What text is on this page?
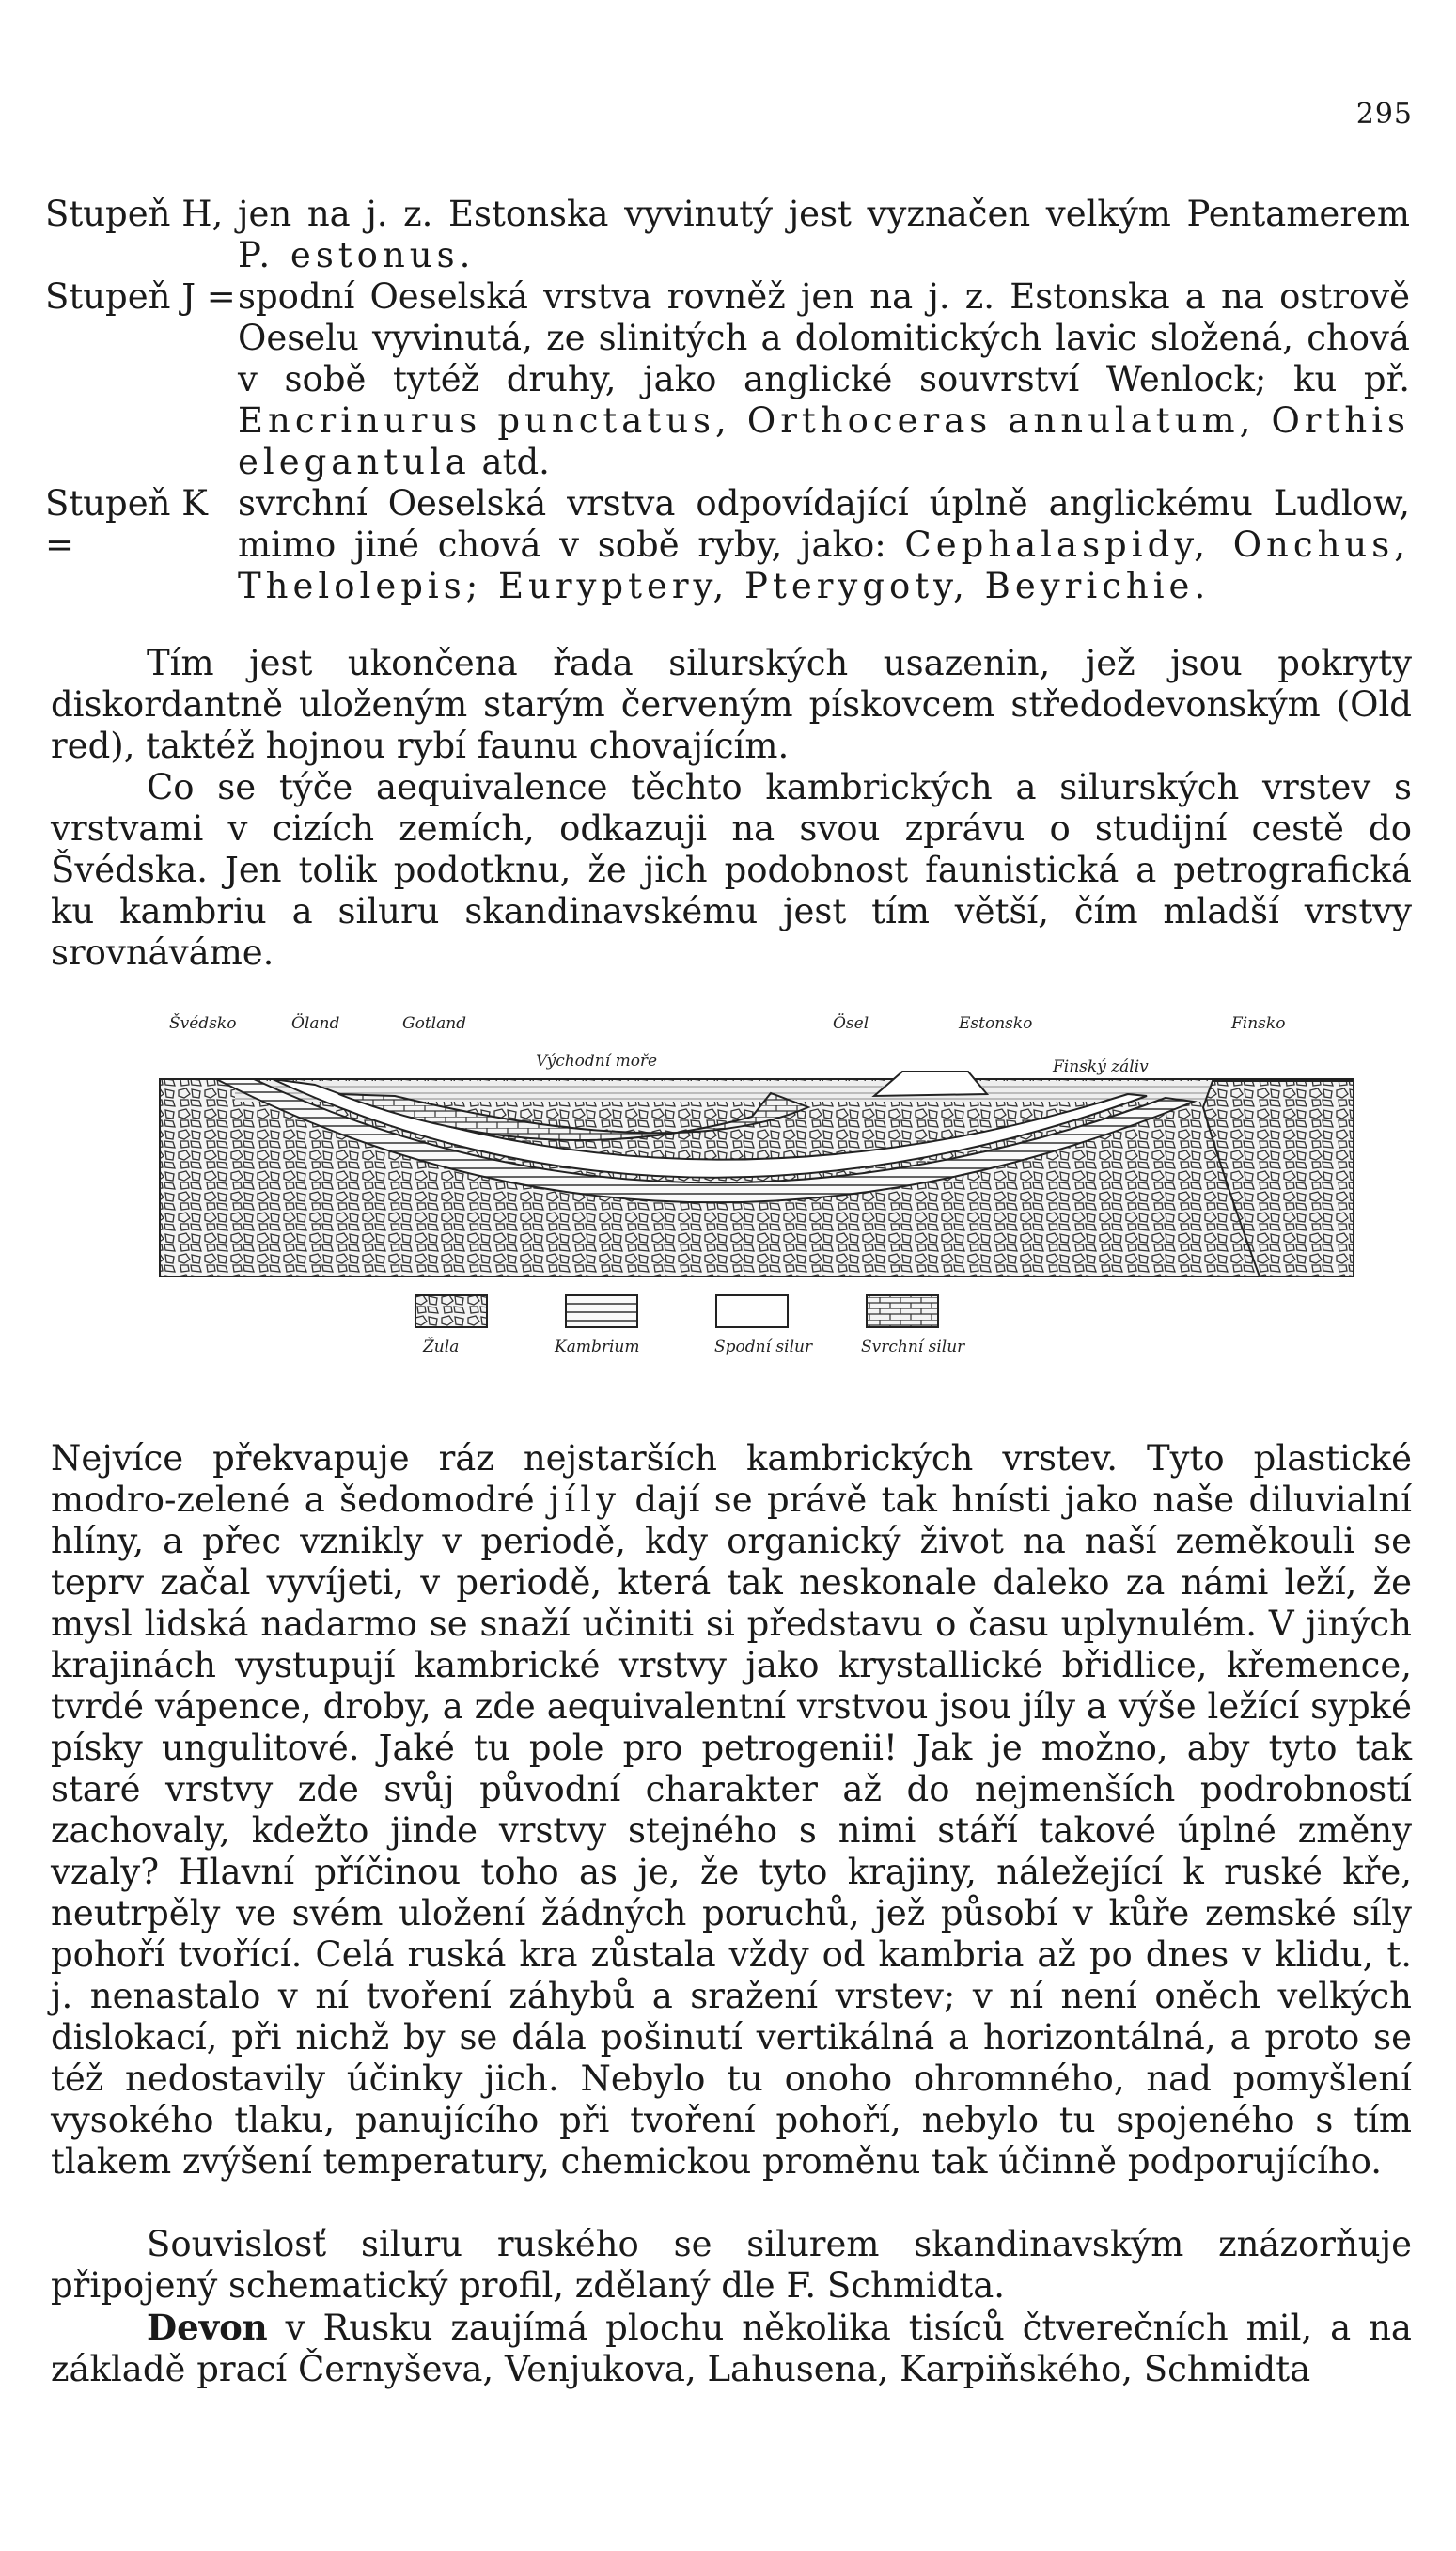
295
Stupeň H, jen na j. z. Estonska vyvinutý jest vyznačen velkým Pentamerem P. estonus.
Stupeň J = spodní Oeselská vrstva rovněž jen na j. z. Estonska a na ostrově Oeselu vyvinutá, ze slinitých a dolomitických lavic složená, chová v sobě tytéž druhy, jako anglické souvrství Wenlock; ku př. Encrinurus punctatus, Orthoceras annulatum, Orthis elegantula atd.
Stupeň K =
svrchní Oeselská vrstva odpovídající úplně anglickému Ludlow, mimo jiné chová v sobě ryby, jako: Cephalaspidy, Onchus, Thelolepis; Euryptery, Pterygoty, Beyrichie.

Tím jest ukončena řada silurských usazenin, jež jsou pokryty diskordantně uloženým starým červeným pískovcem středodevonským (Old red), taktéž hojnou rybí faunu chovajícím.

Co se týče aequivalence těchto kambrických a silurských vrstev s vrstvami v cizích zemích, odkazuji na svou zprávu o studijní cestě do Švédska. Jen tolik podotknu, že jich podobnost faunistická a petrografická ku kambriu a siluru skandinavskému jest tím větší, čím mladší vrstvy srovnáváme.

Švédsko	Öland	Gotland	Ösel	Estonsko	Finsko
Východní moře	Finský záliv
Žula	Kambrium	Spodní silur	Svrchní silur

Nejvíce překvapuje ráz nejstarších kambrických vrstev. Tyto plastické modro-zelené a šedomodré jíly dají se právě tak hnísti jako naše diluvialní hlíny, a přec vznikly v periodě, kdy organický život na naší zeměkouli se teprv začal vyvíjeti, v periodě, která tak neskonale daleko za námi leží, že mysl lidská nadarmo se snaží učiniti si představu o času uplynulém. V jiných krajinách vystupují kambrické vrstvy jako krystallické břidlice, křemence, tvrdé vápence, droby, a zde aequivalentní vrstvou jsou jíly a výše ležící sypké písky ungulitové. Jaké tu pole pro petrogenii! Jak je možno, aby tyto tak staré vrstvy zde svůj původní charakter až do nejmenších podrobností zachovaly, kdežto jinde vrstvy stejného s nimi stáří takové úplné změny vzaly? Hlavní příčinou toho as je, že tyto krajiny, náležející k ruské kře, neutrpěly ve svém uložení žádných poruchů, jež působí v kůře zemské síly pohoří tvořící. Celá ruská kra zůstala vždy od kambria až po dnes v klidu, t. j. nenastalo v ní tvoření záhybů a sražení vrstev; v ní není oněch velkých dislokací, při nichž by se dála pošinutí vertikálná a horizontálná, a proto se též nedostavily účinky jich. Nebylo tu onoho ohromného, nad pomyšlení vysokého tlaku, panujícího při tvoření pohoří, nebylo tu spojeného s tím tlakem zvýšení temperatury, chemickou proměnu tak účinně podporujícího.

Souvislosť siluru ruského se silurem skandinavským znázorňuje připojený schematický profil, zdělaný dle F. Schmidta.

Devon v Rusku zaujímá plochu několika tisíců čtverečních mil, a na základě prací Černyševa, Venjukova, Lahusena, Karpiňského, Schmidta
